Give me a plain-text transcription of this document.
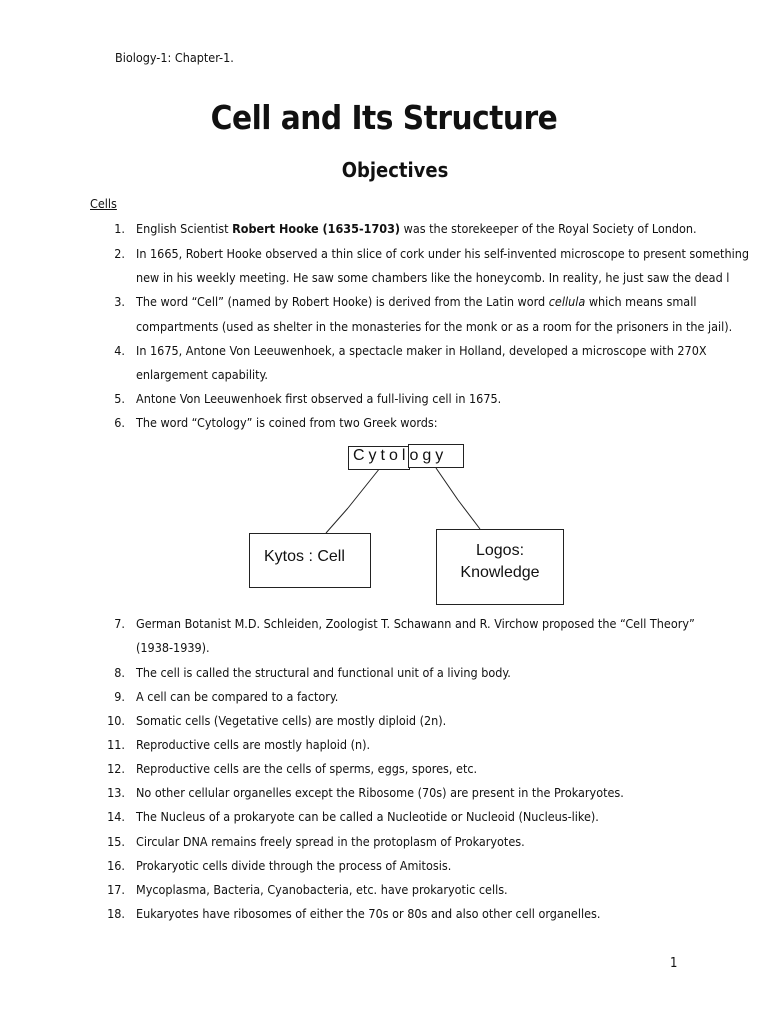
Biology-1: Chapter-1.
Cell and Its Structure
Objectives
Cells
1. English Scientist Robert Hooke (1635-1703) was the storekeeper of the Royal Society of London.
2. In 1665, Robert Hooke observed a thin slice of cork under his self-invented microscope to present something
new in his weekly meeting. He saw some chambers like the honeycomb. In reality, he just saw the dead l
3. The word “Cell” (named by Robert Hooke) is derived from the Latin word cellula which means small
compartments (used as shelter in the monasteries for the monk or as a room for the prisoners in the jail).
4. In 1675, Antone Von Leeuwenhoek, a spectacle maker in Holland, developed a microscope with 270X
enlargement capability.
5. Antone Von Leeuwenhoek first observed a full-living cell in 1675.
6. The word “Cytology” is coined from two Greek words:
Cytology
Kytos : Cell	Logos:
Knowledge
7. German Botanist M.D. Schleiden, Zoologist T. Schawann and R. Virchow proposed the “Cell Theory”
(1938-1939).
8. The cell is called the structural and functional unit of a living body.
9. A cell can be compared to a factory.
10. Somatic cells (Vegetative cells) are mostly diploid (2n).
11. Reproductive cells are mostly haploid (n).
12. Reproductive cells are the cells of sperms, eggs, spores, etc.
13. No other cellular organelles except the Ribosome (70s) are present in the Prokaryotes.
14. The Nucleus of a prokaryote can be called a Nucleotide or Nucleoid (Nucleus-like).
15. Circular DNA remains freely spread in the protoplasm of Prokaryotes.
16. Prokaryotic cells divide through the process of Amitosis.
17. Mycoplasma, Bacteria, Cyanobacteria, etc. have prokaryotic cells.
18. Eukaryotes have ribosomes of either the 70s or 80s and also other cell organelles.
1
